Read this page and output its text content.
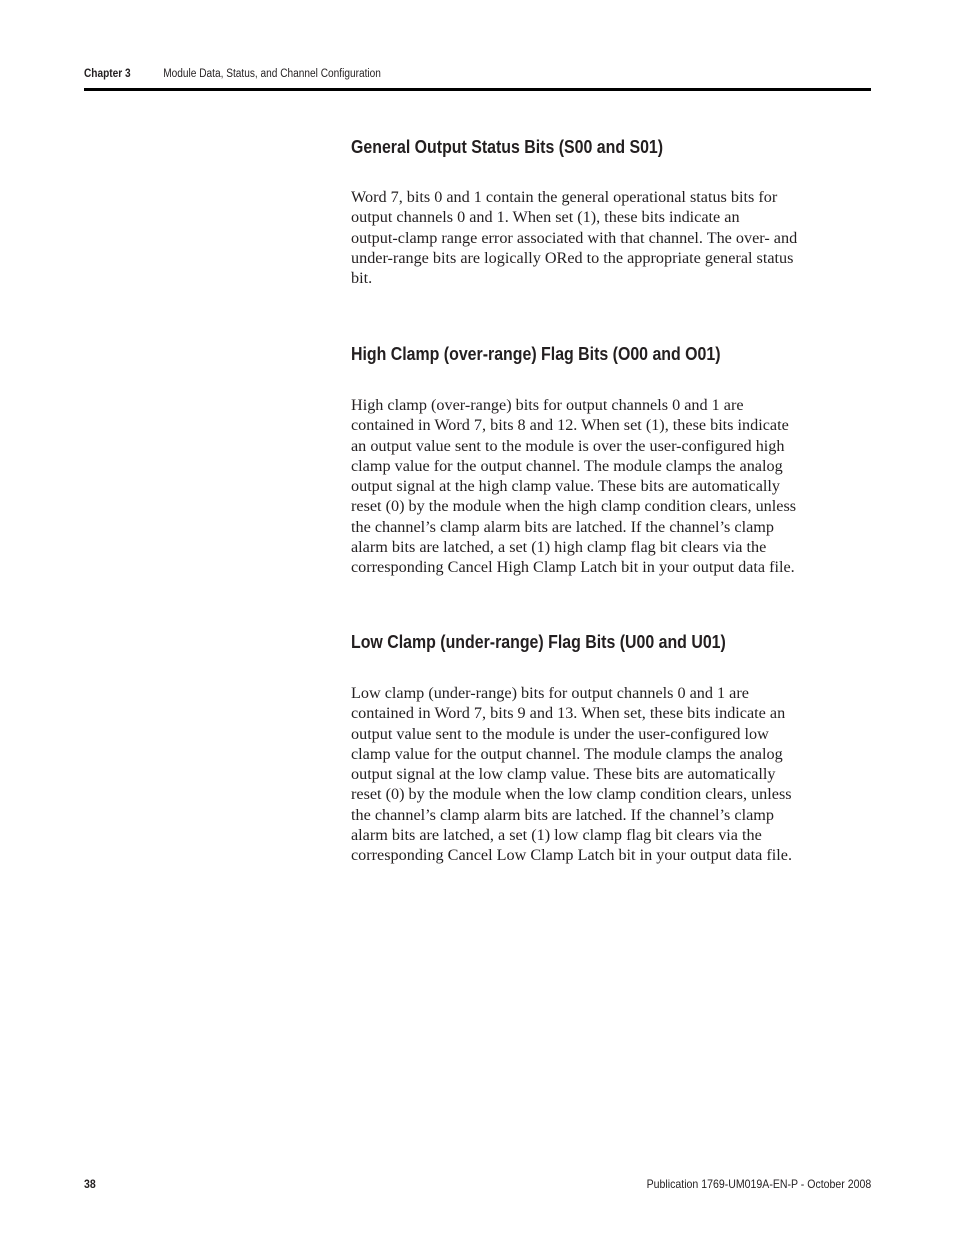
Chapter 3	Module Data, Status, and Channel Configuration
General Output Status Bits (S00 and S01)
Word 7, bits 0 and 1 contain the general operational status bits for
output channels 0 and 1. When set (1), these bits indicate an
output-clamp range error associated with that channel. The over- and
under-range bits are logically ORed to the appropriate general status
bit.
High Clamp (over-range) Flag Bits (O00 and O01)
High clamp (over-range) bits for output channels 0 and 1 are
contained in Word 7, bits 8 and 12. When set (1), these bits indicate
an output value sent to the module is over the user-configured high
clamp value for the output channel. The module clamps the analog
output signal at the high clamp value. These bits are automatically
reset (0) by the module when the high clamp condition clears, unless
the channel’s clamp alarm bits are latched. If the channel’s clamp
alarm bits are latched, a set (1) high clamp flag bit clears via the
corresponding Cancel High Clamp Latch bit in your output data file.
Low Clamp (under-range) Flag Bits (U00 and U01)
Low clamp (under-range) bits for output channels 0 and 1 are
contained in Word 7, bits 9 and 13. When set, these bits indicate an
output value sent to the module is under the user-configured low
clamp value for the output channel. The module clamps the analog
output signal at the low clamp value. These bits are automatically
reset (0) by the module when the low clamp condition clears, unless
the channel’s clamp alarm bits are latched. If the channel’s clamp
alarm bits are latched, a set (1) low clamp flag bit clears via the
corresponding Cancel Low Clamp Latch bit in your output data file.
38	Publication 1769-UM019A-EN-P - October 2008
